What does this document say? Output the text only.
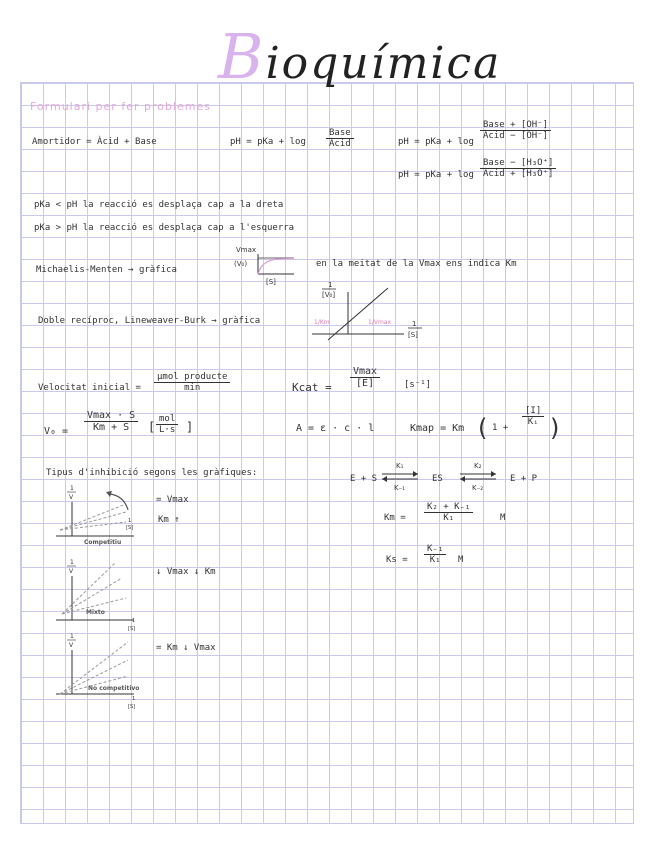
Bioquímica
Formulari per fer problemes
Amortidor = Àcid + Base	pH = pKa + log
Base
Àcid	pH = pKa + log
Base + [OH⁻]
Àcid − [OH⁻]
pH = pKa + log
Base − [H₃O⁺]
Àcid + [H₃O⁺]
pKa < pH la reacció es desplaça cap a la dreta
pKa > pH la reacció es desplaça cap a l'esquerra
Michaelis-Menten → gràfica
Vmax
(V₀)
[S]
en la meitat de la Vmax ens indica Km
Doble recíproc, Lineweaver-Burk → gràfica
1
[V₀]
1/Km	1/Vmax	1
[S]
Velocitat inicial =
μmol producte
min	Kcat =
Vmax
[E]	[s⁻¹]
V₀ =
Vmax · S
Km + S [
mol
L·s ]	A = ε · c · l	Kmap = Km ( 1 +
$\frac{[I]}{\text{Kᵢ}}$ )
Tipus d'inhibició segons les gràfiques:
1
V
Competitiu
1
[S]
= Vmax
Km ↑
1
V
Mixto
1
[S]
↓ Vmax ↓ Km
1
V
No competitivo
1
[S]
= Km ↓ Vmax
E + S
K₁
K₋₁
ES
K₂
K₋₂
E + P
$Km = \frac{\text{K₂ + K₋₁}}{\text{K₁}}$	M
$Ks = \frac{\text{K₋₁}}{\text{K₁}}$ M
